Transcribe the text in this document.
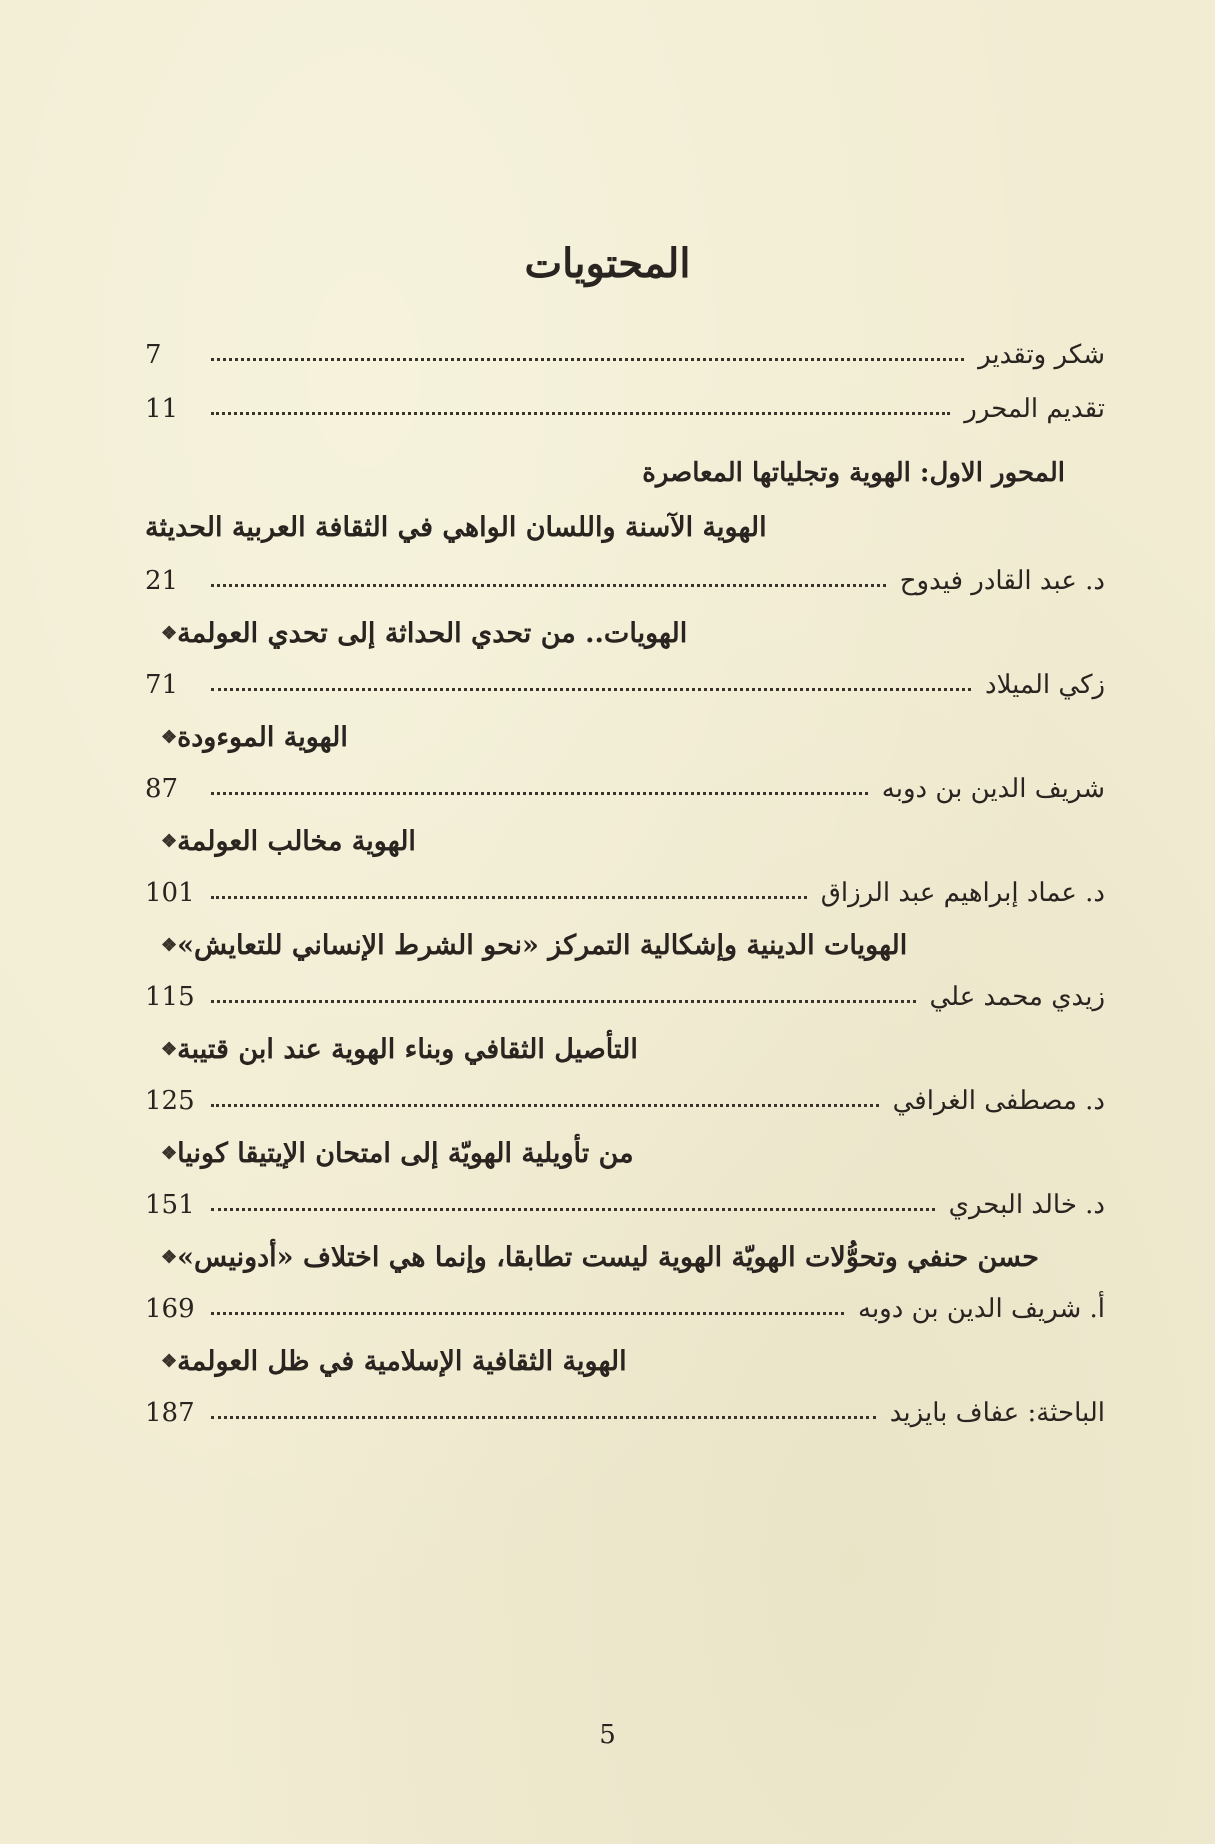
المحتويات
7	شكر وتقدير
11	تقديم المحرر
المحور الاول: الهوية وتجلياتها المعاصرة
الهوية الآسنة واللسان الواهي في الثقافة العربية الحديثة
21	د. عبد القادر فيدوح
❖ الهويات.. من تحدي الحداثة إلى تحدي العولمة
71	زكي الميلاد
❖ الهوية الموءودة
87	شريف الدين بن دوبه
❖ الهوية مخالب العولمة
101	د. عماد إبراهيم عبد الرزاق
❖ الهويات الدينية وإشكالية التمركز «نحو الشرط الإنساني للتعايش»
115	زيدي محمد علي
❖ التأصيل الثقافي وبناء الهوية عند ابن قتيبة
125	د. مصطفى الغرافي
❖ من تأويلية الهويّة إلى امتحان الإيتيقا كونيا
151	د. خالد البحري
❖ حسن حنفي وتحوُّلات الهويّة الهوية ليست تطابقا، وإنما هي اختلاف «أدونيس»
169	أ. شريف الدين بن دوبه
❖ الهوية الثقافية الإسلامية في ظل العولمة
187	الباحثة: عفاف بايزيد
5
